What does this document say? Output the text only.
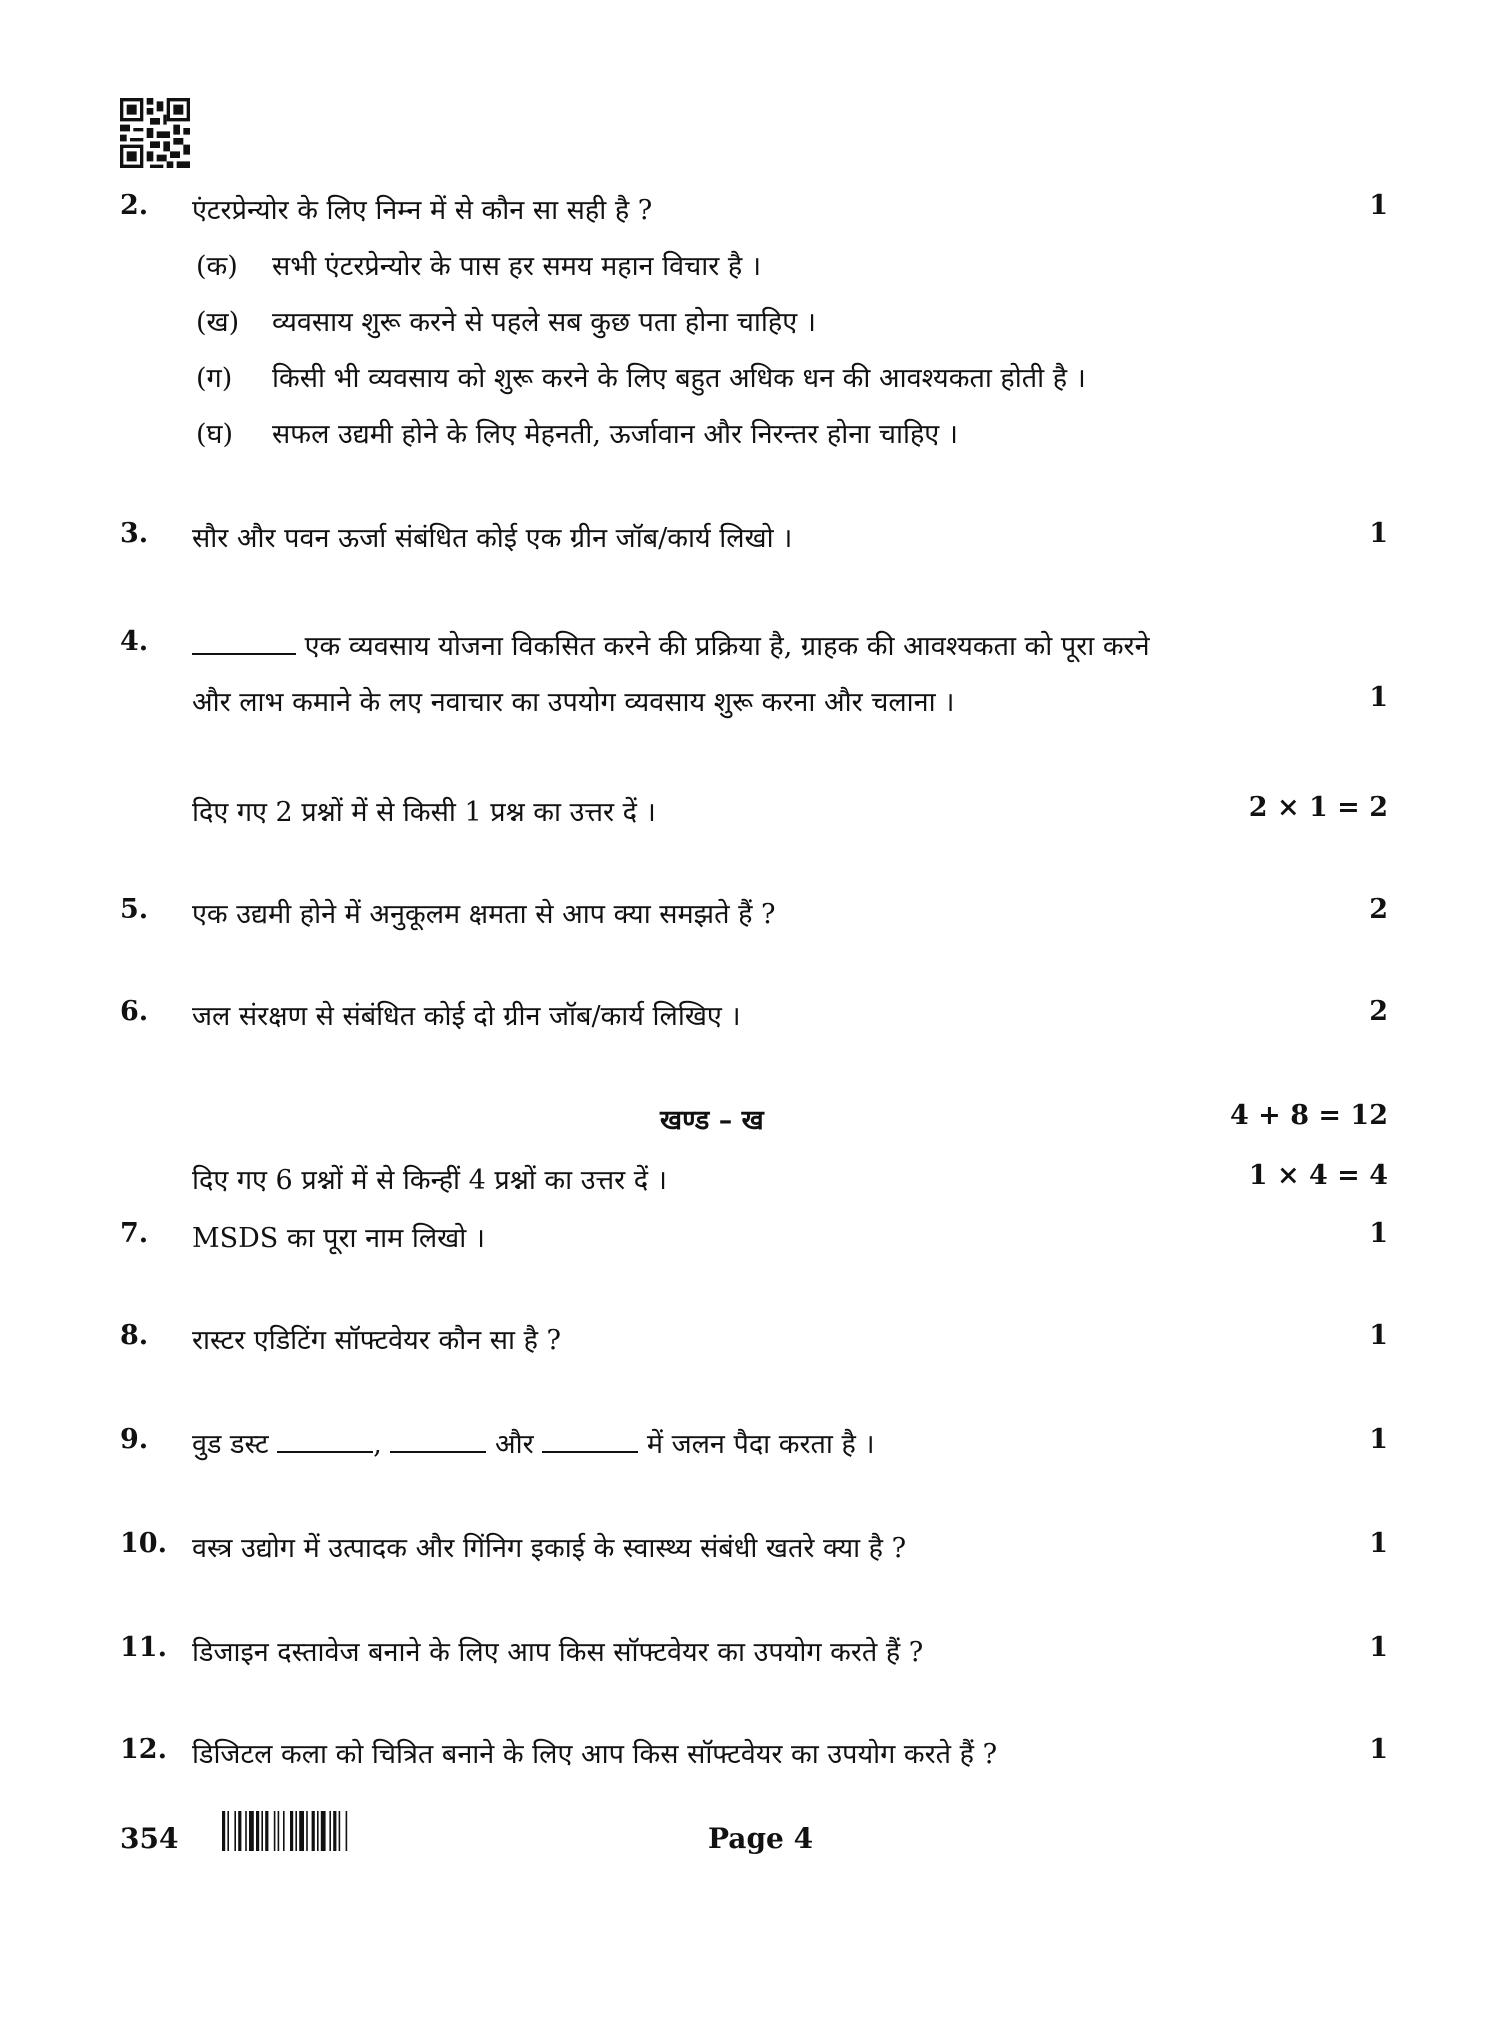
2. एंटरप्रेन्योर के लिए निम्न में से कौन सा सही है ?	1
(क) सभी एंटरप्रेन्योर के पास हर समय महान विचार है ।
(ख) व्यवसाय शुरू करने से पहले सब कुछ पता होना चाहिए ।
(ग) किसी भी व्यवसाय को शुरू करने के लिए बहुत अधिक धन की आवश्यकता होती है ।
(घ) सफल उद्यमी होने के लिए मेहनती, ऊर्जावान और निरन्तर होना चाहिए ।
3. सौर और पवन ऊर्जा संबंधित कोई एक ग्रीन जॉब/कार्य लिखो ।	1
4.	एक व्यवसाय योजना विकसित करने की प्रक्रिया है, ग्राहक की आवश्यकता को पूरा करने
और लाभ कमाने के लए नवाचार का उपयोग व्यवसाय शुरू करना और चलाना ।	1
दिए गए 2 प्रश्नों में से किसी 1 प्रश्न का उत्तर दें ।	2 × 1 = 2
5. एक उद्यमी होने में अनुकूलम क्षमता से आप क्या समझते हैं ?	2
6. जल संरक्षण से संबंधित कोई दो ग्रीन जॉब/कार्य लिखिए ।	2
खण्ड – ख	4 + 8 = 12
दिए गए 6 प्रश्नों में से किन्हीं 4 प्रश्नों का उत्तर दें ।	1 × 4 = 4
7. MSDS का पूरा नाम लिखो ।	1
8. रास्टर एडिटिंग सॉफ्टवेयर कौन सा है ?	1
9. वुड डस्ट	,	और	में जलन पैदा करता है ।	1
10. वस्त्र उद्योग में उत्पादक और गिंनिग इकाई के स्वास्थ्य संबंधी खतरे क्या है ?	1
11. डिजाइन दस्तावेज बनाने के लिए आप किस सॉफ्टवेयर का उपयोग करते हैं ?	1
12. डिजिटल कला को चित्रित बनाने के लिए आप किस सॉफ्टवेयर का उपयोग करते हैं ?	1
354	Page 4
